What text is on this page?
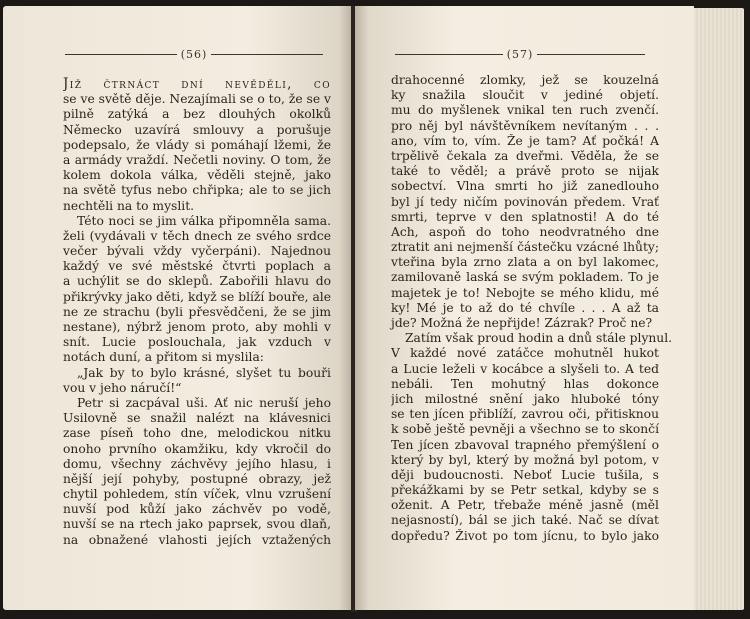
(56)
Již čtrnáct dní nevěděli, co
se ve světě děje. Nezajímali se o to, že se v
pilně zatýká a bez dlouhých okolků
Německo uzavírá smlouvy a porušuje
podepsalo, že vlády si pomáhají lžemi, že
a armády vraždí. Nečetli noviny. O tom, že
kolem dokola válka, věděli stejně, jako
na světě tyfus nebo chřipka; ale to se jich
nechtěli na to myslit.
Této noci se jim válka připomněla sama.
želi (vydávali v těch dnech ze svého srdce
večer bývali vždy vyčerpáni). Najednou
každý ve své městské čtvrti poplach a
a uchýlit se do sklepů. Zabořili hlavu do
přikrývky jako děti, když se blíží bouře, ale
ne ze strachu (byli přesvědčeni, že se jim
nestane), nýbrž jenom proto, aby mohli v
snít. Lucie poslouchala, jak vzduch v
notách duní, a přitom si myslila:
„Jak by to bylo krásné, slyšet tu bouři
vou v jeho náručí!“
Petr si zacpával uši. Ať nic neruší jeho
Usilovně se snažil nalézt na klávesnici
zase píseň toho dne, melodickou nitku
onoho prvního okamžiku, kdy vkročil do
domu, všechny záchvěvy jejího hlasu, i
nější její pohyby, postupné obrazy, jež
chytil pohledem, stín víček, vlnu vzrušení
nuvší pod kůží jako záchvěv po vodě,
nuvší se na rtech jako paprsek, svou dlaň,
na obnažené vlahosti jejích vztažených
(57)
drahocenné zlomky, jež se kouzelná
ky snažila sloučit v jediné objetí.
mu do myšlenek vnikal ten ruch zvenčí.
pro něj byl návštěvníkem nevítaným . . .
ano, vím to, vím. Že je tam? Ať počká! A
trpělivě čekala za dveřmi. Věděla, že se
také to věděl; a právě proto se nijak
sobectví. Vlna smrti ho již zanedlouho
byl jí tedy ničím povinován předem. Vrať
smrti, teprve v den splatnosti! A do té
Ach, aspoň do toho neodvratného dne
ztratit ani nejmenší částečku vzácné lhůty;
vteřina byla zrno zlata a on byl lakomec,
zamilovaně laská se svým pokladem. To je
majetek je to! Nebojte se mého klidu, mé
ky! Mé je to až do té chvíle . . . A až ta
jde? Možná že nepřijde! Zázrak? Proč ne?
Zatím však proud hodin a dnů stále plynul.
V každé nové zatáčce mohutněl hukot
a Lucie leželi v kocábce a slyšeli to. A teď
nebáli. Ten mohutný hlas dokonce
jich milostné snění jako hluboké tóny
se ten jícen přiblíží, zavrou oči, přitisknou
k sobě ještě pevněji a všechno se to skončí
Ten jícen zbavoval trapného přemýšlení o
který by byl, který by možná byl potom, v
ději budoucnosti. Neboť Lucie tušila, s
překážkami by se Petr setkal, kdyby se s
oženit. A Petr, třebaže méně jasně (měl
nejasností), bál se jich také. Nač se dívat
dopředu? Život po tom jícnu, to bylo jako
